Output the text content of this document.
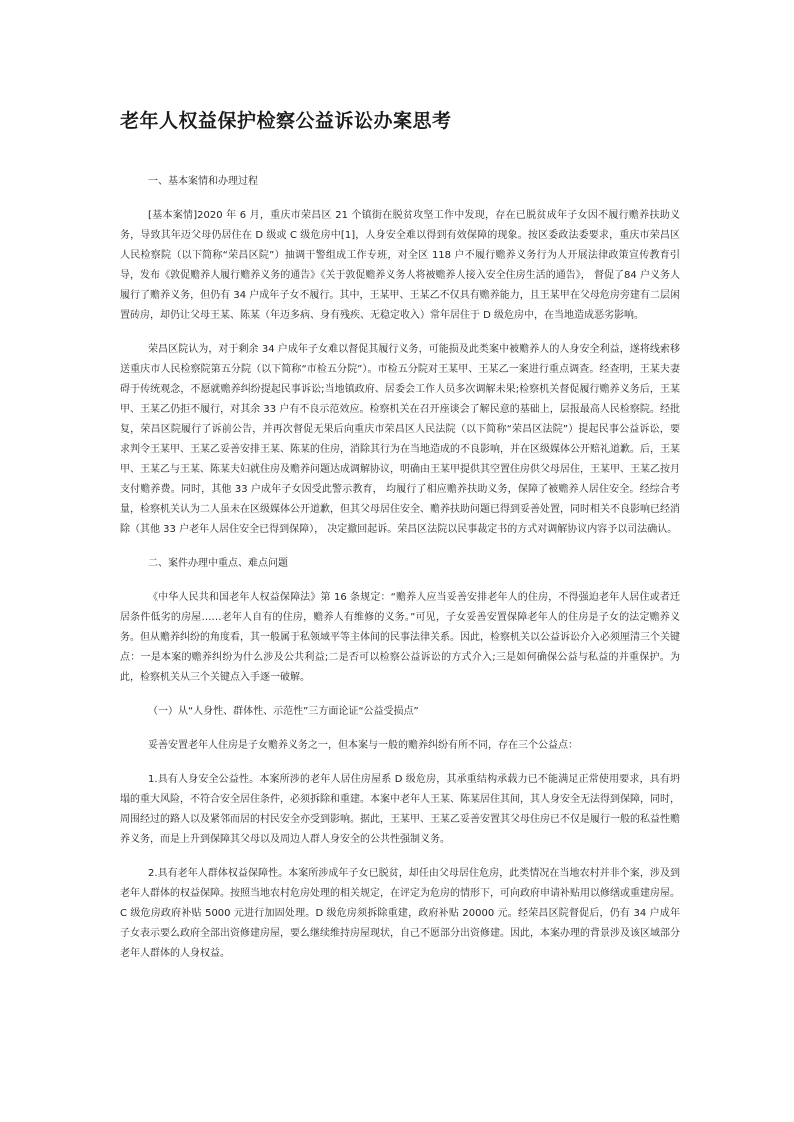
老年人权益保护检察公益诉讼办案思考

一、基本案情和办理过程

[基本案情]2020 年 6 月，重庆市荣昌区 21 个镇街在脱贫攻坚工作中发现，存在已脱贫成年子女因不履行赡养扶助义务，导致其年迈父母仍居住在 D 级或 C 级危房中[1]，人身安全难以得到有效保障的现象。按区委政法委要求，重庆市荣昌区人民检察院（以下简称“荣昌区院”）抽调干警组成工作专班，对全区 118 户不履行赡养义务行为人开展法律政策宣传教育引导，发布《敦促赡养人履行赡养义务的通告》《关于敦促赡养义务人将被赡养人接入安全住房生活的通告》， 督促了84 户义务人履行了赡养义务，但仍有 34 户成年子女不履行。其中，王某甲、王某乙不仅具有赡养能力，且王某甲在父母危房旁建有二层闲置砖房，却仍让父母王某、陈某（年迈多病、身有残疾、无稳定收入）常年居住于 D 级危房中，在当地造成恶劣影响。

荣昌区院认为，对于剩余 34 户成年子女难以督促其履行义务，可能损及此类案中被赡养人的人身安全利益，遂将线索移送重庆市人民检察院第五分院（以下简称“市检五分院”）。市检五分院对王某甲、王某乙一案进行重点调查。经查明，王某夫妻碍于传统观念，不愿就赡养纠纷提起民事诉讼;当地镇政府、居委会工作人员多次调解未果;检察机关督促履行赡养义务后，王某甲、王某乙仍拒不履行，对其余 33 户有不良示范效应。检察机关在召开座谈会了解民意的基础上，层报最高人民检察院。经批复，荣昌区院履行了诉前公告，并再次督促无果后向重庆市荣昌区人民法院（以下简称“荣昌区法院”）提起民事公益诉讼，要求判令王某甲、王某乙妥善安排王某、陈某的住房，消除其行为在当地造成的不良影响，并在区级媒体公开赔礼道歉。后，王某甲、王某乙与王某、陈某夫妇就住房及赡养问题达成调解协议，明确由王某甲提供其空置住房供父母居住，王某甲、王某乙按月支付赡养费。同时，其他 33 户成年子女因受此警示教育， 均履行了相应赡养扶助义务，保障了被赡养人居住安全。经综合考量，检察机关认为二人虽未在区级媒体公开道歉，但其父母居住安全、赡养扶助问题已得到妥善处置，同时相关不良影响已经消除（其他 33 户老年人居住安全已得到保障）， 决定撤回起诉。荣昌区法院以民事裁定书的方式对调解协议内容予以司法确认。

二、案件办理中重点、难点问题

《中华人民共和国老年人权益保障法》第 16 条规定：“赡养人应当妥善安排老年人的住房，不得强迫老年人居住或者迁居条件低劣的房屋……老年人自有的住房，赡养人有维修的义务。”可见，子女妥善安置保障老年人的住房是子女的法定赡养义务。但从赡养纠纷的角度看，其一般属于私领域平等主体间的民事法律关系。因此，检察机关以公益诉讼介入必须厘清三个关键点：一是本案的赡养纠纷为什么涉及公共利益;二是否可以检察公益诉讼的方式介入;三是如何确保公益与私益的并重保护。为此，检察机关从三个关键点入手逐一破解。

（一）从“人身性、群体性、示范性”三方面论证“公益受损点”

妥善安置老年人住房是子女赡养义务之一，但本案与一般的赡养纠纷有所不同，存在三个公益点：

1.具有人身安全公益性。本案所涉的老年人居住房屋系 D 级危房，其承重结构承载力已不能满足正常使用要求，具有坍塌的重大风险，不符合安全居住条件，必须拆除和重建。本案中老年人王某、陈某居住其间，其人身安全无法得到保障，同时，周围经过的路人以及紧邻而居的村民安全亦受到影响。据此，王某甲、王某乙妥善安置其父母住房已不仅是履行一般的私益性赡养义务，而是上升到保障其父母以及周边人群人身安全的公共性强制义务。

2.具有老年人群体权益保障性。本案所涉成年子女已脱贫，却任由父母居住危房，此类情况在当地农村并非个案，涉及到老年人群体的权益保障。按照当地农村危房处理的相关规定，在评定为危房的情形下，可向政府申请补贴用以修缮或重建房屋。C 级危房政府补贴 5000 元进行加固处理。D 级危房须拆除重建，政府补贴 20000 元。经荣昌区院督促后，仍有 34 户成年子女表示要么政府全部出资修建房屋，要么继续维持房屋现状，自己不愿部分出资修建。因此，本案办理的背景涉及该区域部分老年人群体的人身权益。
